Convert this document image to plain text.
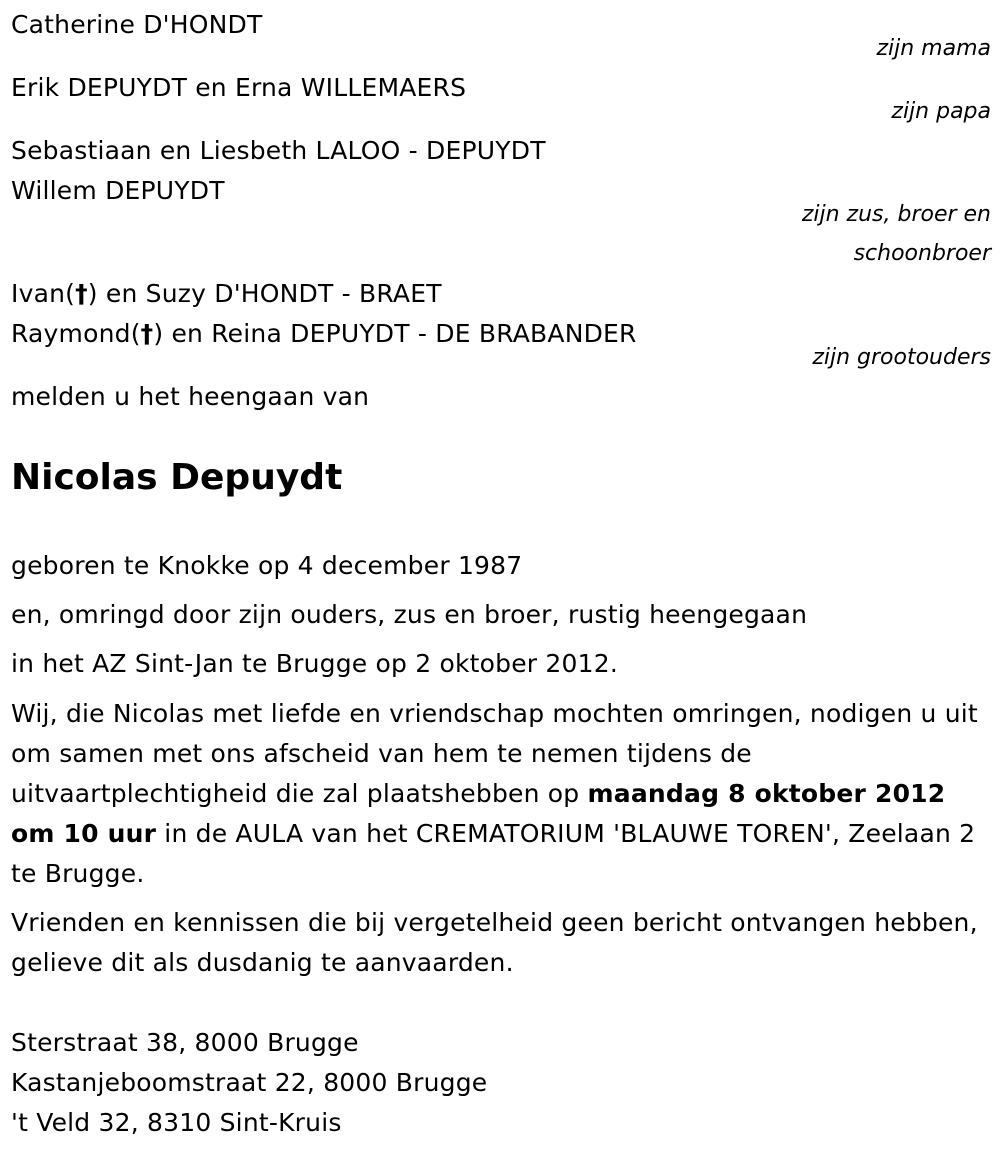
Catherine D'HONDT
zijn mama
Erik DEPUYDT en Erna WILLEMAERS
zijn papa
Sebastiaan en Liesbeth LALOO - DEPUYDT
Willem DEPUYDT
zijn zus, broer en
schoonbroer
Ivan(†) en Suzy D'HONDT - BRAET
Raymond(†) en Reina DEPUYDT - DE BRABANDER
zijn grootouders
melden u het heengaan van
Nicolas Depuydt
geboren te Knokke op 4 december 1987
en, omringd door zijn ouders, zus en broer, rustig heengegaan
in het AZ Sint-Jan te Brugge op 2 oktober 2012.

Wij, die Nicolas met liefde en vriendschap mochten omringen, nodigen u uit om samen met ons afscheid van hem te nemen tijdens de uitvaartplechtigheid die zal plaatshebben op maandag 8 oktober 2012 om 10 uur in de AULA van het CREMATORIUM 'BLAUWE TOREN', Zeelaan 2 te Brugge.

Vrienden en kennissen die bij vergetelheid geen bericht ontvangen hebben, gelieve dit als dusdanig te aanvaarden.

Sterstraat 38, 8000 Brugge
Kastanjeboomstraat 22, 8000 Brugge
't Veld 32, 8310 Sint-Kruis
